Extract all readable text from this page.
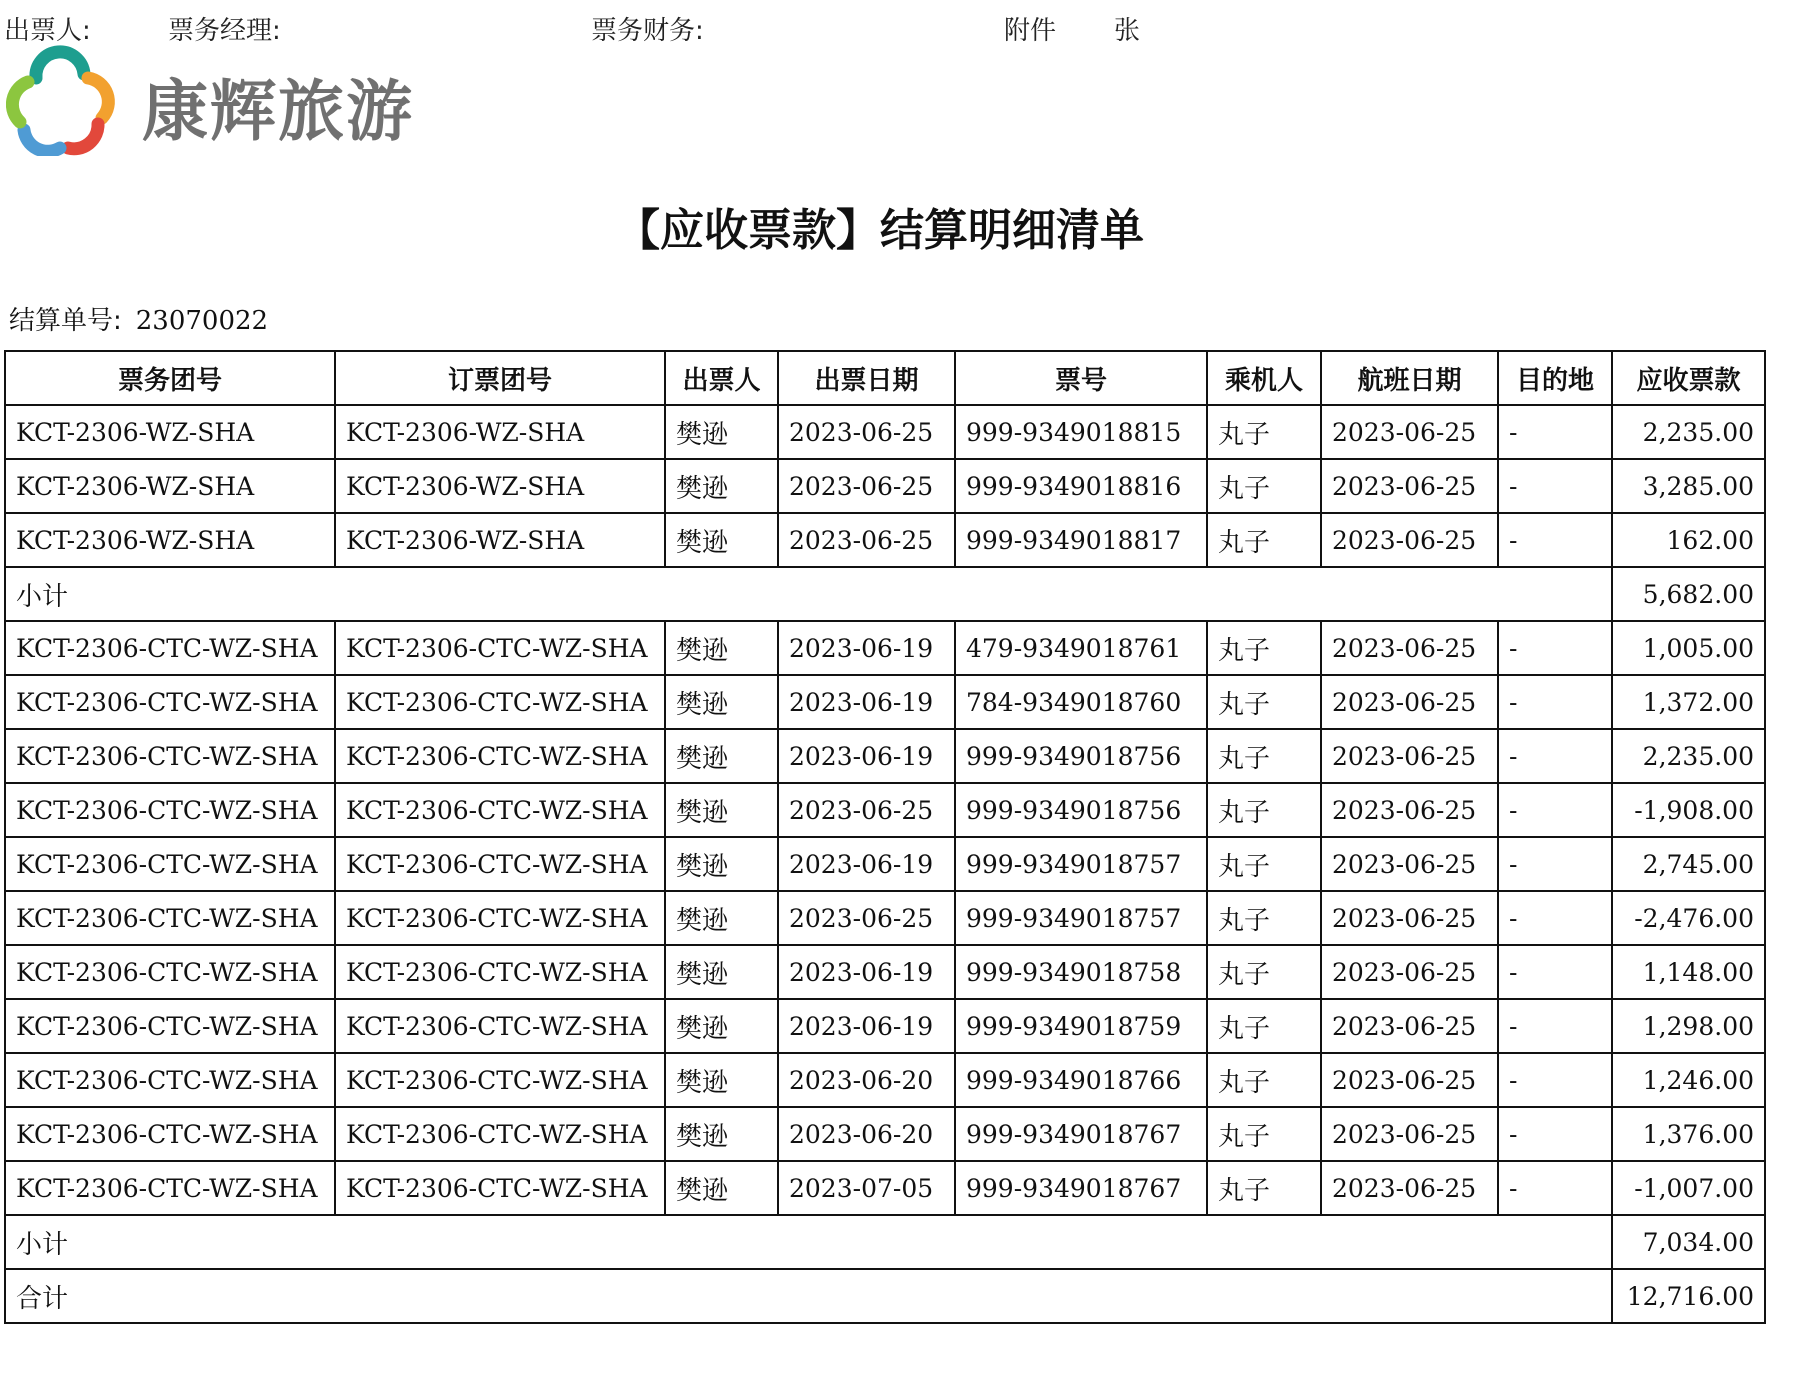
出票人:	票务经理:	票务财务:	附件 张
康辉旅游
【应收票款】结算明细清单
结算单号: 23070022
票务团号	订票团号	出票人	出票日期	票号	乘机人	航班日期	目的地	应收票款
KCT-2306-WZ-SHA	KCT-2306-WZ-SHA	樊逊	2023-06-25	999-9349018815	丸子	2023-06-25	-	2,235.00
KCT-2306-WZ-SHA	KCT-2306-WZ-SHA	樊逊	2023-06-25	999-9349018816	丸子	2023-06-25	-	3,285.00
KCT-2306-WZ-SHA	KCT-2306-WZ-SHA	樊逊	2023-06-25	999-9349018817	丸子	2023-06-25	-	162.00
小计								5,682.00
KCT-2306-CTC-WZ-SHA	KCT-2306-CTC-WZ-SHA	樊逊	2023-06-19	479-9349018761	丸子	2023-06-25	-	1,005.00
KCT-2306-CTC-WZ-SHA	KCT-2306-CTC-WZ-SHA	樊逊	2023-06-19	784-9349018760	丸子	2023-06-25	-	1,372.00
KCT-2306-CTC-WZ-SHA	KCT-2306-CTC-WZ-SHA	樊逊	2023-06-19	999-9349018756	丸子	2023-06-25	-	2,235.00
KCT-2306-CTC-WZ-SHA	KCT-2306-CTC-WZ-SHA	樊逊	2023-06-25	999-9349018756	丸子	2023-06-25	-	-1,908.00
KCT-2306-CTC-WZ-SHA	KCT-2306-CTC-WZ-SHA	樊逊	2023-06-19	999-9349018757	丸子	2023-06-25	-	2,745.00
KCT-2306-CTC-WZ-SHA	KCT-2306-CTC-WZ-SHA	樊逊	2023-06-25	999-9349018757	丸子	2023-06-25	-	-2,476.00
KCT-2306-CTC-WZ-SHA	KCT-2306-CTC-WZ-SHA	樊逊	2023-06-19	999-9349018758	丸子	2023-06-25	-	1,148.00
KCT-2306-CTC-WZ-SHA	KCT-2306-CTC-WZ-SHA	樊逊	2023-06-19	999-9349018759	丸子	2023-06-25	-	1,298.00
KCT-2306-CTC-WZ-SHA	KCT-2306-CTC-WZ-SHA	樊逊	2023-06-20	999-9349018766	丸子	2023-06-25	-	1,246.00
KCT-2306-CTC-WZ-SHA	KCT-2306-CTC-WZ-SHA	樊逊	2023-06-20	999-9349018767	丸子	2023-06-25	-	1,376.00
KCT-2306-CTC-WZ-SHA	KCT-2306-CTC-WZ-SHA	樊逊	2023-07-05	999-9349018767	丸子	2023-06-25	-	-1,007.00
小计								7,034.00
合计								12,716.00
